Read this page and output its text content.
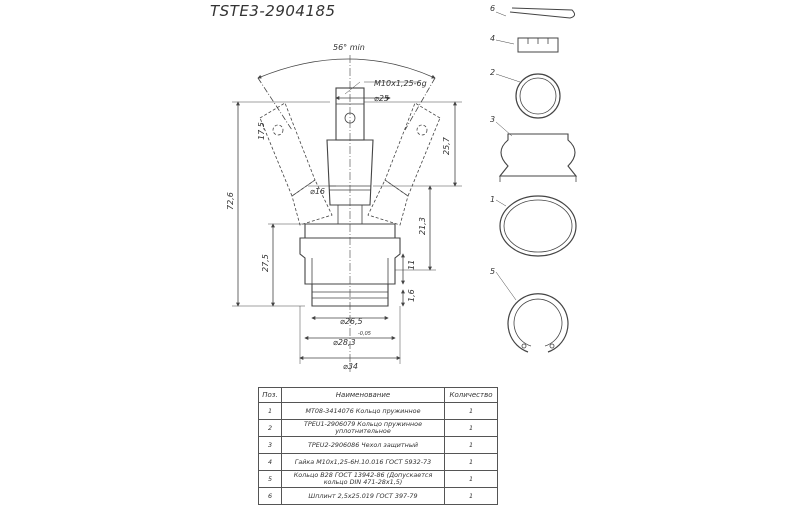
TSTE3-2904185
56° min
M10x1,25-6g
⌀25
⌀16
⌀26,5
⌀28,3
-0,05
⌀34
17,5
72,6
25,7
21,3
27,5	11
1,6
6
4
2
3
1
5
Поз.	Наименование	Количество
1	МТ08-3414076 Кольцо пружинное	1
2	ТРЕU1-2906079 Кольцо пружинное уплотнительное	1
3	ТРЕU2-2906086 Чехол защитный	1
4	Гайка М10х1,25-6Н.10.016 ГОСТ 5932-73	1
5	Кольцо В28 ГОСТ 13942-86 (Допускается кольцо DIN 471-28х1,5)	1
6	Шплинт 2,5х25.019 ГОСТ 397-79	1
